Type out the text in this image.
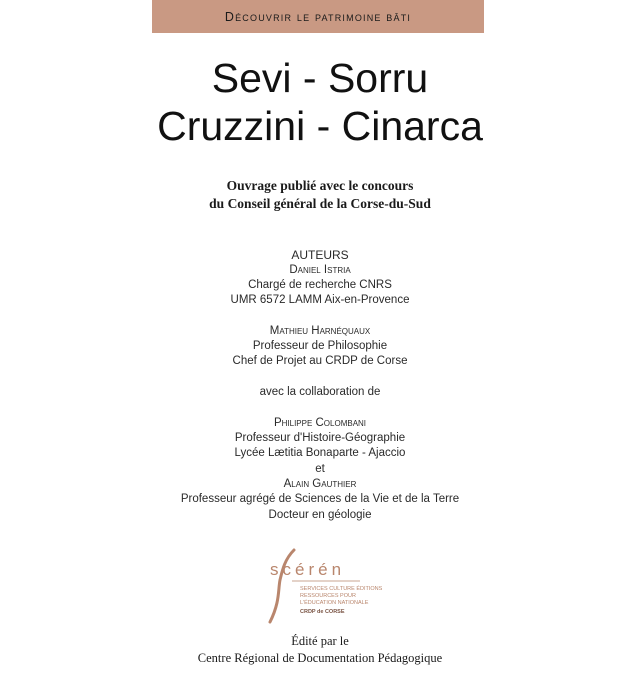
Découvrir le patrimoine bâti
Sevi - Sorru
Cruzzini - Cinarca
Ouvrage publié avec le concours
du Conseil général de la Corse-du-Sud
AUTEURS
Daniel Istria
Chargé de recherche CNRS
UMR 6572 LAMM Aix-en-Provence
Mathieu Harnéquaux
Professeur de Philosophie
Chef de Projet au CRDP de Corse
avec la collaboration de
Philippe Colombani
Professeur d'Histoire-Géographie
Lycée Lætitia Bonaparte - Ajaccio
et
Alain Gauthier
Professeur agrégé de Sciences de la Vie et de la Terre
Docteur en géologie
scérén
SERVICES CULTURE ÉDITIONS
RESSOURCES POUR
L'ÉDUCATION NATIONALE
CRDP de CORSE
Édité par le
Centre Régional de Documentation Pédagogique
